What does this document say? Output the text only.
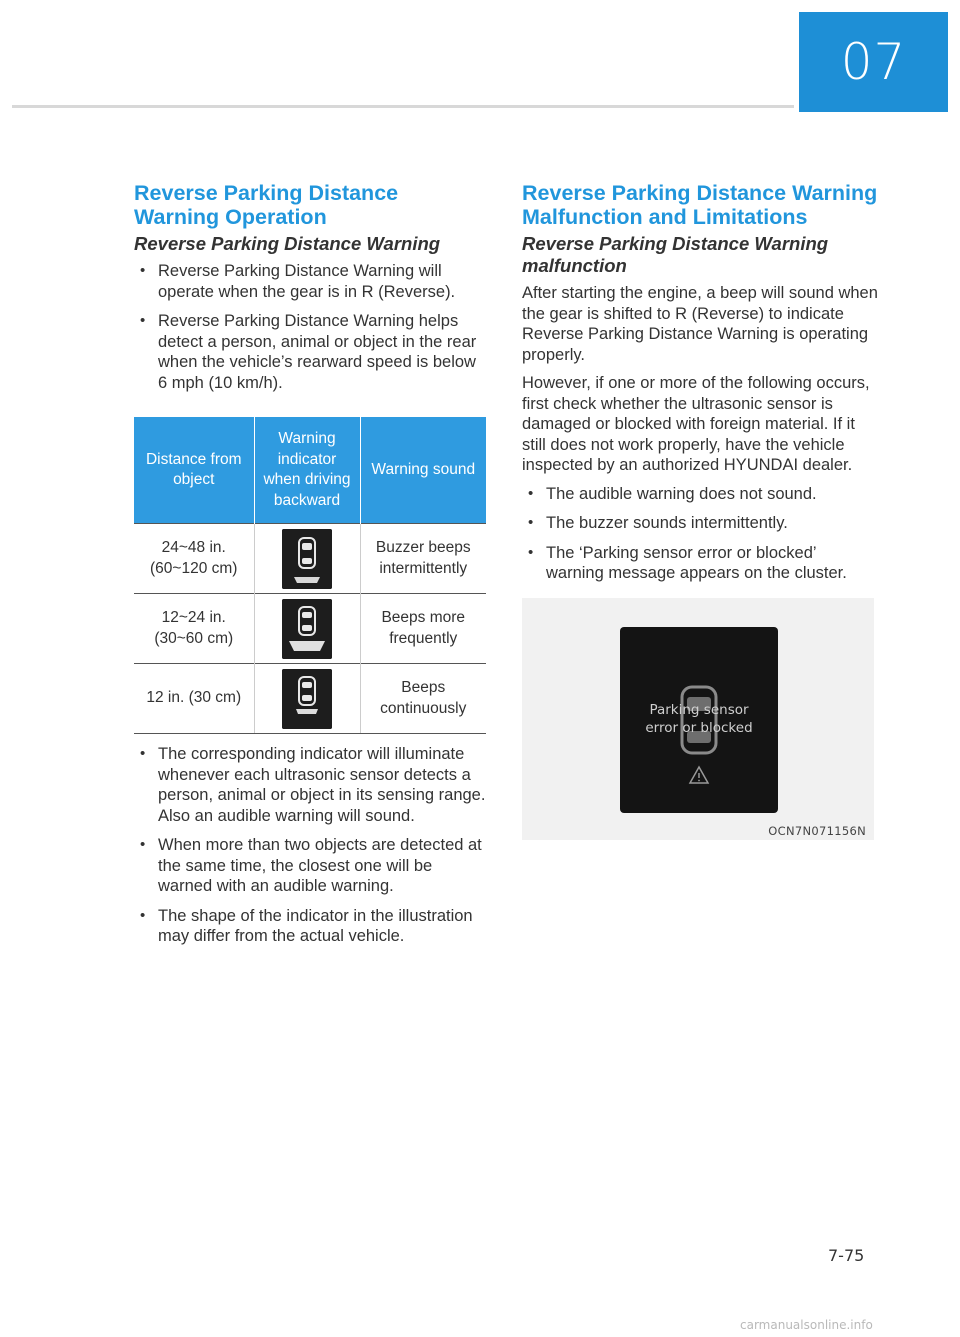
07
Reverse Parking Distance Warning Operation
Reverse Parking Distance Warning
• Reverse Parking Distance Warning will operate when the gear is in R (Reverse).
• Reverse Parking Distance Warning helps detect a person, animal or object in the rear when the vehicle’s rearward speed is below 6 mph (10 km/h).
Distance from object	Warning indicator when driving backward	Warning sound
24~48 in. (60~120 cm)		Buzzer beeps intermittently
12~24 in. (30~60 cm)		Beeps more frequently
12 in. (30 cm)		Beeps continuously
• The corresponding indicator will illuminate whenever each ultrasonic sensor detects a person, animal or object in its sensing range. Also an audible warning will sound.
• When more than two objects are detected at the same time, the closest one will be warned with an audible warning.
• The shape of the indicator in the illustration may differ from the actual vehicle.
Reverse Parking Distance Warning Malfunction and Limitations
Reverse Parking Distance Warning malfunction

After starting the engine, a beep will sound when the gear is shifted to R (Reverse) to indicate Reverse Parking Distance Warning is operating properly.

However, if one or more of the following occurs, first check whether the ultrasonic sensor is damaged or blocked with foreign material. If it still does not work properly, have the vehicle inspected by an authorized HYUNDAI dealer.

• The audible warning does not sound.
• The buzzer sounds intermittently.
• The ‘Parking sensor error or blocked’ warning message appears on the cluster.
Parking sensor
error or blocked
OCN7N071156N
7-75
carmanualsonline.info
